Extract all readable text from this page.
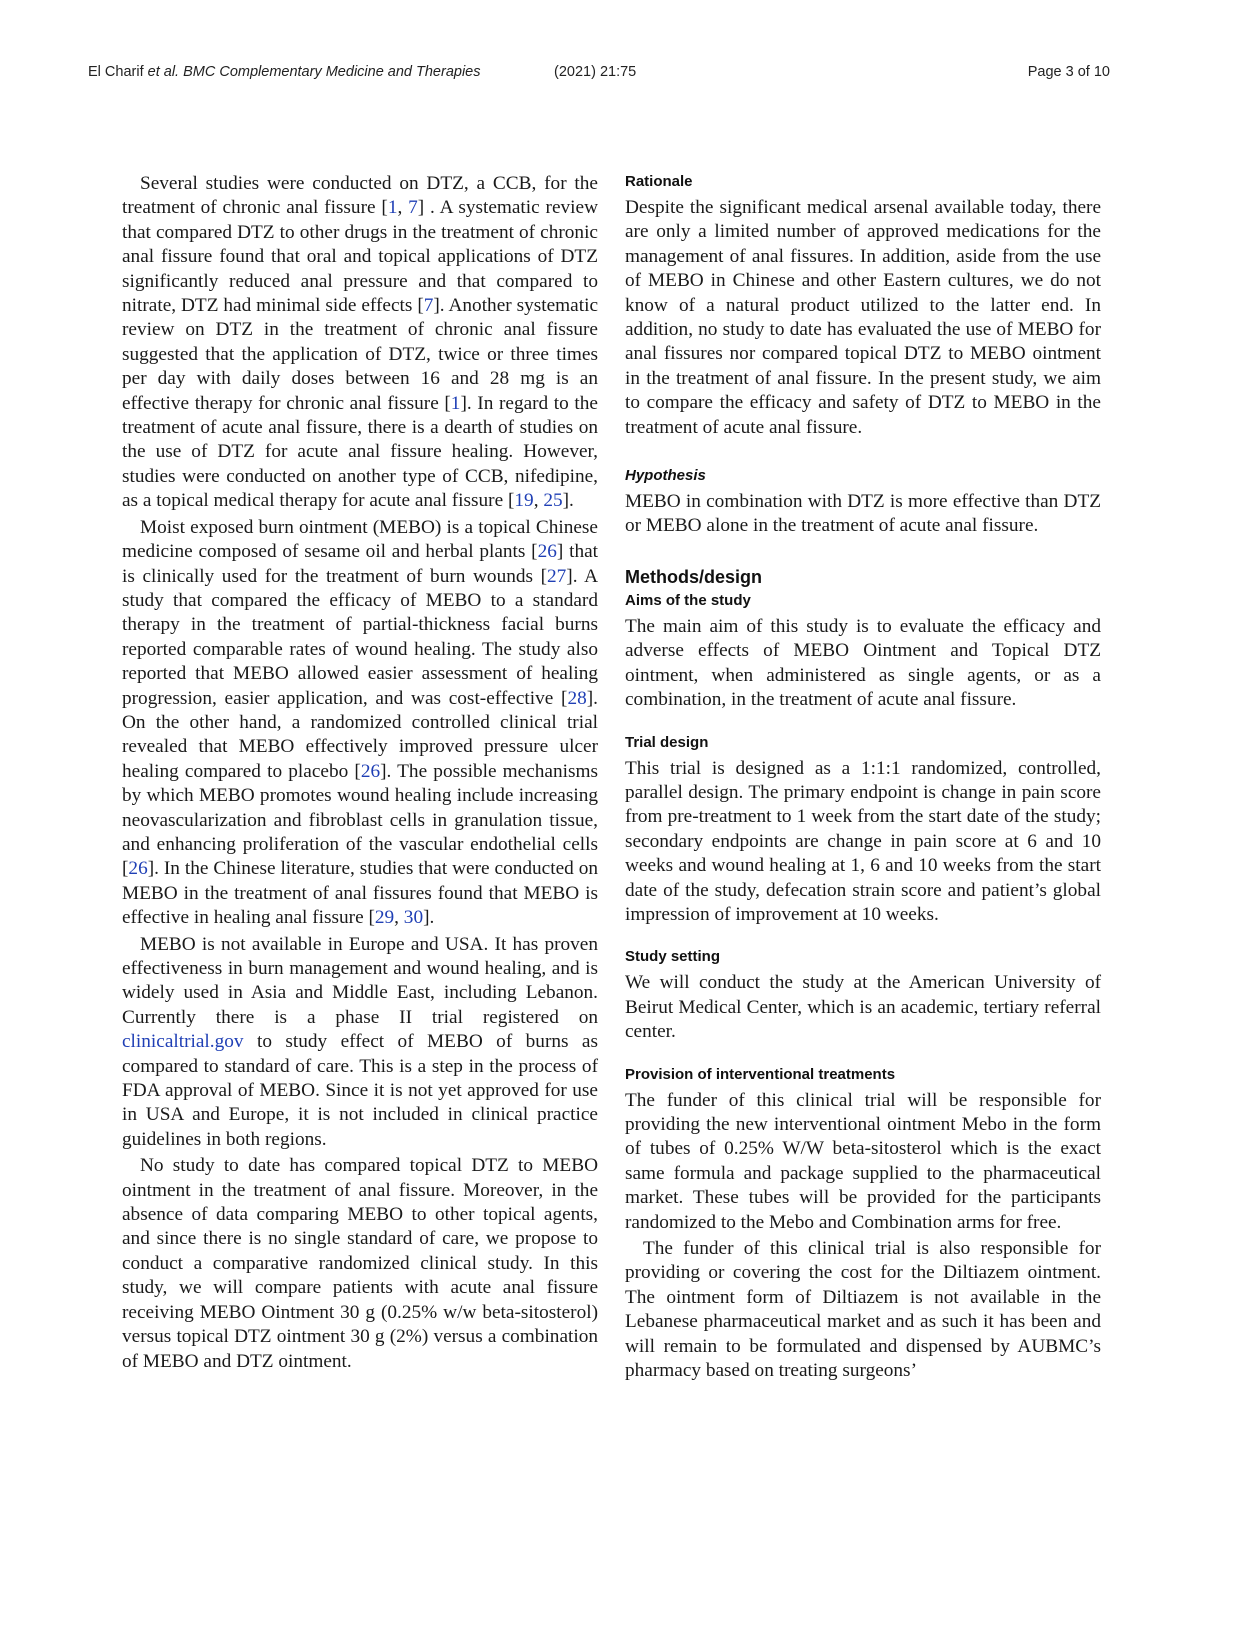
El Charif et al. BMC Complementary Medicine and Therapies	(2021) 21:75	Page 3 of 10

Several studies were conducted on DTZ, a CCB, for the treatment of chronic anal fissure [1, 7] . A systematic review that compared DTZ to other drugs in the treatment of chronic anal fissure found that oral and topical applications of DTZ significantly reduced anal pressure and that compared to nitrate, DTZ had minimal side effects [7]. Another systematic review on DTZ in the treatment of chronic anal fissure suggested that the application of DTZ, twice or three times per day with daily doses between 16 and 28 mg is an effective therapy for chronic anal fissure [1]. In regard to the treatment of acute anal fissure, there is a dearth of studies on the use of DTZ for acute anal fissure healing. However, studies were conducted on another type of CCB, nifedipine, as a topical medical therapy for acute anal fissure [19, 25].

Moist exposed burn ointment (MEBO) is a topical Chinese medicine composed of sesame oil and herbal plants [26] that is clinically used for the treatment of burn wounds [27]. A study that compared the efficacy of MEBO to a standard therapy in the treatment of partial-thickness facial burns reported comparable rates of wound healing. The study also reported that MEBO allowed easier assessment of healing progression, easier application, and was cost-effective [28]. On the other hand, a randomized controlled clinical trial revealed that MEBO effectively improved pressure ulcer healing compared to placebo [26]. The possible mechanisms by which MEBO promotes wound healing include increasing neovascularization and fibroblast cells in granulation tissue, and enhancing proliferation of the vascular endothelial cells [26]. In the Chinese literature, studies that were conducted on MEBO in the treatment of anal fissures found that MEBO is effective in healing anal fissure [29, 30].

MEBO is not available in Europe and USA. It has proven effectiveness in burn management and wound healing, and is widely used in Asia and Middle East, including Lebanon. Currently there is a phase II trial registered on clinicaltrial.gov to study effect of MEBO of burns as compared to standard of care. This is a step in the process of FDA approval of MEBO. Since it is not yet approved for use in USA and Europe, it is not included in clinical practice guidelines in both regions.

No study to date has compared topical DTZ to MEBO ointment in the treatment of anal fissure. Moreover, in the absence of data comparing MEBO to other topical agents, and since there is no single standard of care, we propose to conduct a comparative randomized clinical study. In this study, we will compare patients with acute anal fissure receiving MEBO Ointment 30 g (0.25% w/w beta-sitosterol) versus topical DTZ ointment 30 g (2%) versus a combination of MEBO and DTZ ointment.

Rationale

Despite the significant medical arsenal available today, there are only a limited number of approved medications for the management of anal fissures. In addition, aside from the use of MEBO in Chinese and other Eastern cultures, we do not know of a natural product utilized to the latter end. In addition, no study to date has evaluated the use of MEBO for anal fissures nor compared topical DTZ to MEBO ointment in the treatment of anal fissure. In the present study, we aim to compare the efficacy and safety of DTZ to MEBO in the treatment of acute anal fissure.

Hypothesis

MEBO in combination with DTZ is more effective than DTZ or MEBO alone in the treatment of acute anal fissure.

Methods/design
Aims of the study

The main aim of this study is to evaluate the efficacy and adverse effects of MEBO Ointment and Topical DTZ ointment, when administered as single agents, or as a combination, in the treatment of acute anal fissure.

Trial design

This trial is designed as a 1:1:1 randomized, controlled, parallel design. The primary endpoint is change in pain score from pre-treatment to 1 week from the start date of the study; secondary endpoints are change in pain score at 6 and 10 weeks and wound healing at 1, 6 and 10 weeks from the start date of the study, defecation strain score and patient’s global impression of improvement at 10 weeks.

Study setting

We will conduct the study at the American University of Beirut Medical Center, which is an academic, tertiary referral center.

Provision of interventional treatments

The funder of this clinical trial will be responsible for providing the new interventional ointment Mebo in the form of tubes of 0.25% W/W beta-sitosterol which is the exact same formula and package supplied to the pharmaceutical market. These tubes will be provided for the participants randomized to the Mebo and Combination arms for free.

The funder of this clinical trial is also responsible for providing or covering the cost for the Diltiazem ointment. The ointment form of Diltiazem is not available in the Lebanese pharmaceutical market and as such it has been and will remain to be formulated and dispensed by AUBMC’s pharmacy based on treating surgeons’
